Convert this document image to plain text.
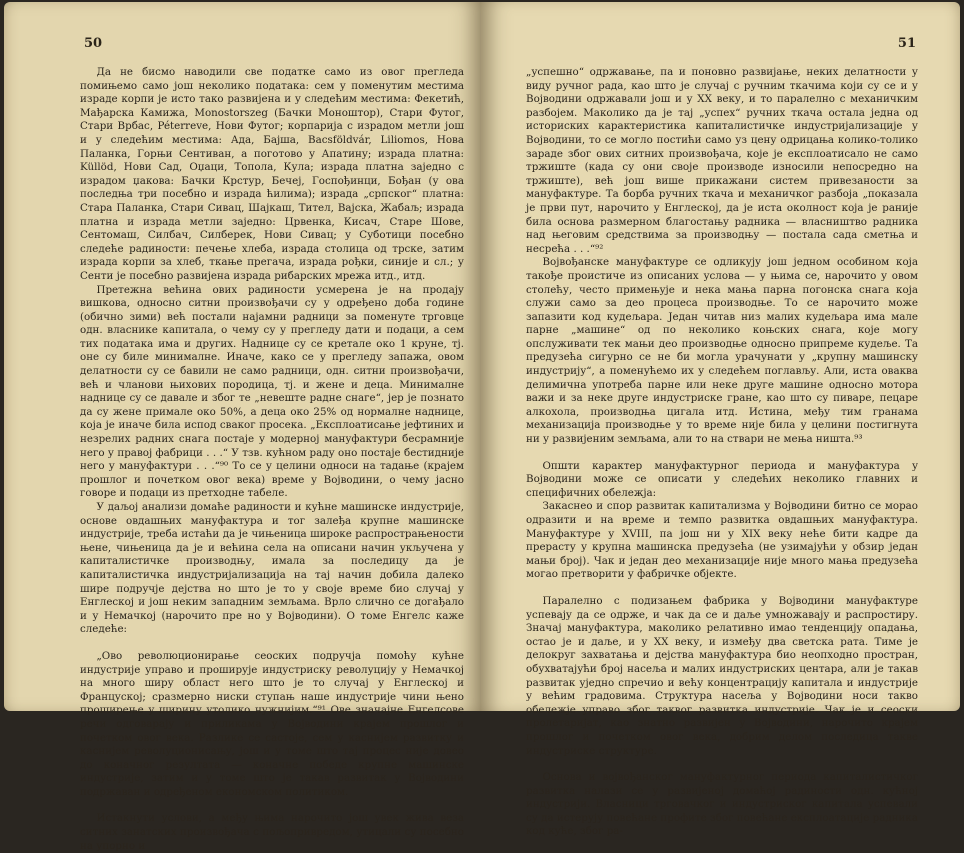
50

Да не бисмо наводили све податке само из овог прегледа помињемо само још неколико података: сем у поменутим местима израде корпи је исто тако развијена и у следећим местима: Фекетић, Мађарска Камижа, Monostorszeg (Бачки Моноштор), Стари Футог, Стари Врбас, Péterreve, Нови Футог; корпарија с израдом метли још и у следећим местима: Ада, Бајша, Bacsföldvár, Liliomos, Нова Паланка, Горњи Сентиван, а поготово у Апатину; израда платна: Küllöd, Нови Сад, Оџаци, Топола, Кула; израда платна заједно с израдом џакова: Бачки Крстур, Бечеј, Госпођинци, Бођан (у ова последња три посебно и израда ћилима); израда „српског“ платна: Стара Паланка, Стари Сивац, Шајкаш, Тител, Вајска, Жабаљ; израда платна и израда метли заједно: Црвенка, Кисач, Старе Шове, Сентомаш, Силбач, Силберек, Нови Сивац; у Суботици посебно следеће радиности: печење хлеба, израда столица од трске, затим израда корпи за хлеб, ткање прегача, израда рођки, синије и сл.; у Сенти је посебно развијена израда рибарских мрежа итд., итд.

Претежна већина ових радиности усмерена је на продају вишкова, односно ситни произвођачи су у одређено доба године (обично зими) већ постали најамни радници за поменуте трговце одн. власнике капитала, о чему су у прегледу дати и подаци, а сем тих података има и других. Наднице су се кретале око 1 круне, тј. оне су биле минималне. Иначе, како се у прегледу запажа, овом делатности су се бавили не само радници, одн. ситни произвођачи, већ и чланови њихових породица, тј. и жене и деца. Минималне наднице су се давале и због те „невеште радне снаге“, јер је познато да су жене примале око 50%, а деца око 25% од нормалне наднице, која је иначе била испод сваког просека. „Експлоатисање јефтиних и незрелих радних снага постаје у модерној мануфактури бесрамније него у правој фабрици . . .“ У тзв. кућном раду оно постаје бестидније него у мануфактури . . .“⁹⁰ То се у целини односи на тадање (крајем прошлог и почетком овог века) време у Војводини, о чему јасно говоре и подаци из претходне табеле.

У даљој анализи домаће радиности и кућне машинске индустрије, основе овдашњих мануфактура и тог залеђа крупне машинске индустрије, треба истаћи да је чињеница широке распрострањености њене, чињеница да је и већина села на описани начин укључена у капиталистичке производњу, имала за последицу да је капиталистичка индустријализација на тај начин добила далеко шире подручје дејства но што је то у своје време био случај у Енглеској и још неким западним земљама. Врло слично се догађало и у Немачкој (нарочито пре но у Војводини). О томе Енгелс каже следеће:

„Ово революционирање сеоских подручја помоћу кућне индустрије управо и проширује индустриску револуцију у Немачкој на много ширу област него што је то случај у Енглеској и Француској; сразмерно ниски ступањ наше индустрије чини њено проширење у ширину утолико нужнијим.“⁹¹ Ове значајне Енгелсове речи одговарају и приликама у Војводини крајем прошлог и почетком овог века. Разлике се састоје, сем у каснијем развитку и каснијем револуционисању, још и у томе што тај процес није довео до коначног резултата — коначне победе крупне машинске индустрије, затим и у томе што је такав развитак у Војводини подржаван и одређеном економском политиком.

Истакнути услови, а међу њима нарочито још увек жива веза ситних занатских произвођача с пољопривредом, утицали су посебно на упорно и

51

„успешно“ одржавање, па и поновно развијање, неких делатности у виду ручног рада, као што је случај с ручним ткачима који су се и у Војводини одржавали још и у XX веку, и то паралелно с механичким разбојем. Маколико да је тај „успех“ ручних ткача остала једна од историских карактеристика капиталистичке индустријализације у Војводини, то се могло постићи само уз цену одрицања колико-толико зараде због ових ситних произвођача, које је експлоатисало не само тржиште (када су они своје производе износили непосредно на тржиште), већ још више прикажани систем привезаности за мануфактуре. Та борба ручних ткача и механичког разбоја „показала је први пут, нарочито у Енглеској, да је иста околност која је раније била основа размерном благостању радника — власништво радника над његовим средствима за производњу — постала сада сметња и несрећа . . .“⁹²

Војвођанске мануфактуре се одликују још једном особином која такође проистиче из описаних услова — у њима се, нарочито у овом столећу, често примењује и нека мања парна погонска снага која служи само за део процеса производње. То се нарочито може запазити код кудељара. Један читав низ малих кудељара има мале парне „машине“ од по неколико коњских снага, које могу опслуживати тек мањи део производње односно припреме кудеље. Та предузећа сигурно се не би могла урачунати у „крупну машинску индустрију“, а поменућемо их у следећем поглављу. Али, иста оваква делимична употреба парне или неке друге машине односно мотора важи и за неке друге индустриске гране, као што су пиваре, пецаре алкохола, производња цигала итд. Истина, међу тим гранама механизација производње у то време није била у целини постигнута ни у развијеним земљама, али то на ствари не мења ништа.⁹³

Општи карактер мануфактурног периода и мануфактура у Војводини може се описати у следећих неколико главних и специфичних обележја:

Закаснео и спор развитак капитализма у Војводини битно се морао одразити и на време и темпо развитка овдашњих мануфактура. Мануфактуре у XVIII, па још ни у XIX веку нећe бити кадре да прерасту у крупна машинска предузећа (не узимајући у обзир један мањи број). Чак и један део механизације није много мања предузећа могао претворити у фабричке објекте.

Паралелно с подизањем фабрика у Војводини мануфактуре успевају да се одрже, и чак да се и даље умножавају и распростиру. Значај мануфактура, маколико релативно имао тенденцију опадања, остао је и даље, и у XX веку, и између два светска рата. Тиме је делокруг захватања и дејства мануфактура био неопходно простран, обухватајући број насеља и малих индустриских центара, али је такав развитак уједно спречио и већу концентрацију капитала и индустрије у већим градовима. Структура насеља у Војводини носи такво обележје управо због таквог развитка индустрије. Чак је и сеоски пролетаријат, као знатно развијен у Војводини, нарочито крајем прошлог и почетком овог века, добрим делом последица такве индустриске структуре.

Основа и војвођанског мануфактурног периода капиталистичког развитка налази се у развијеној домаћој радиности одн. кућној индустрији. Власници трговачког и индустриског капитала успевали су да истерују повећане профите због повећане експлоатације радника код куће, због ра-
